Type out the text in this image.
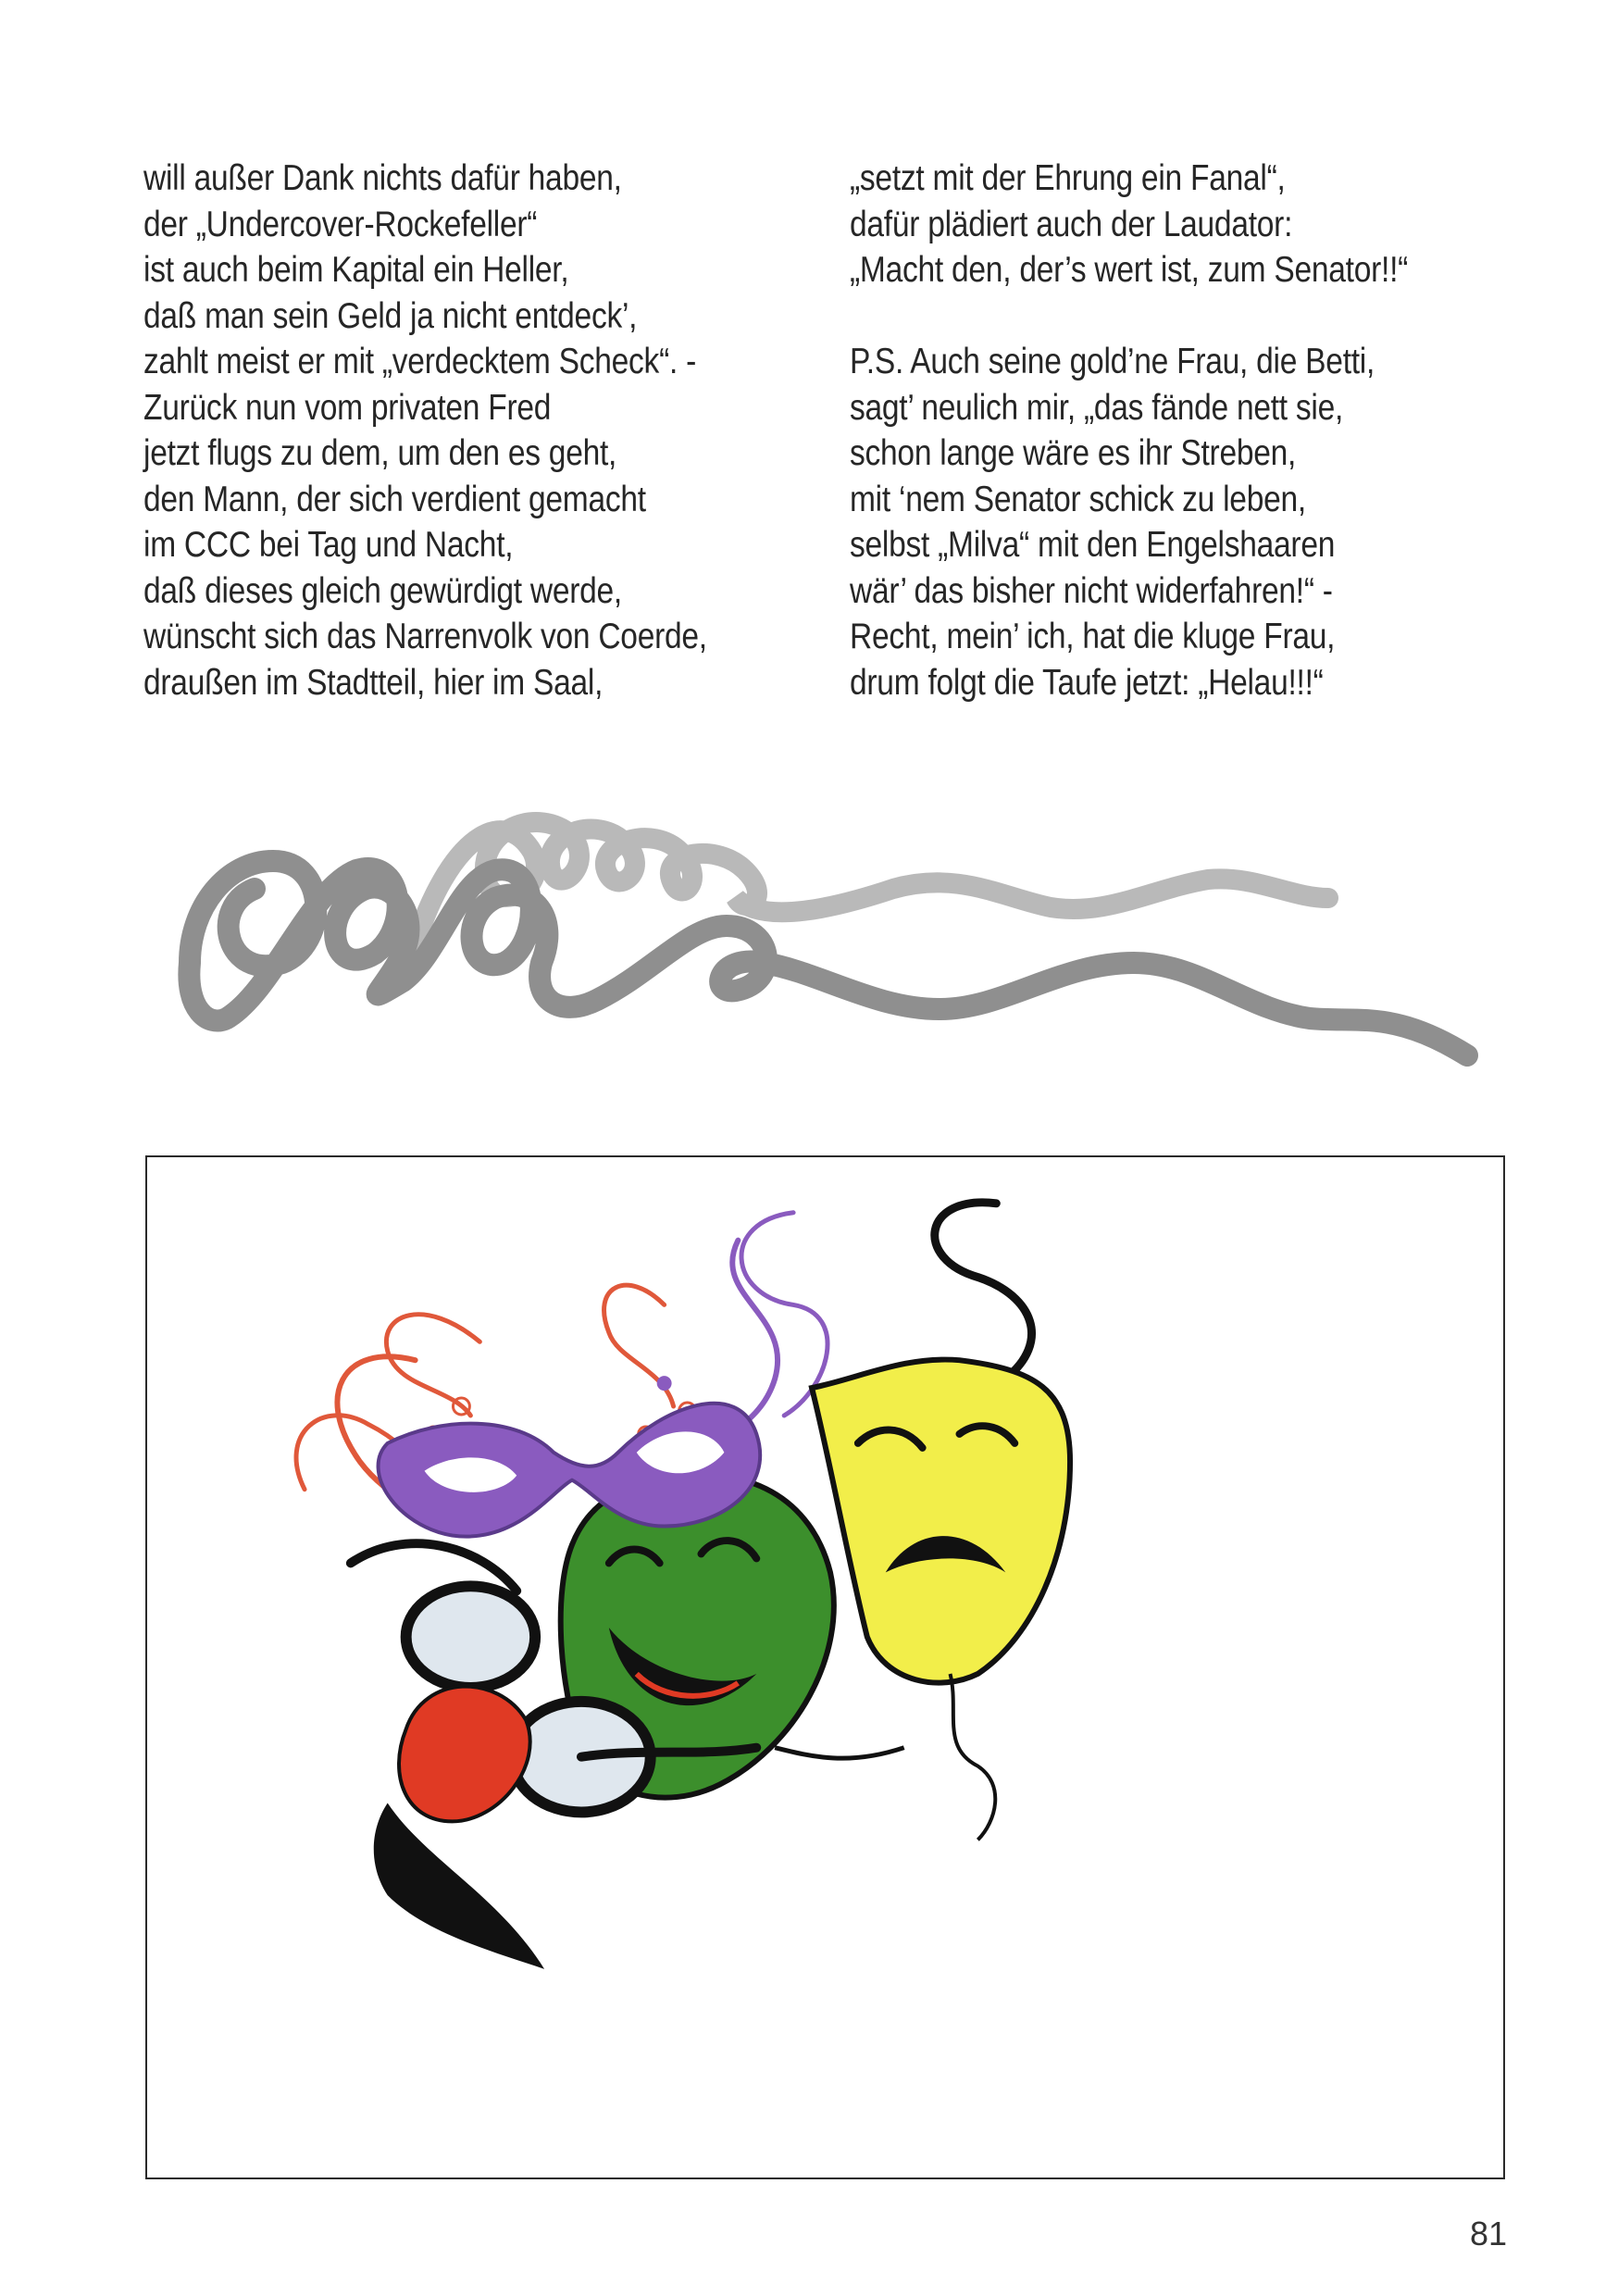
will außer Dank nichts dafür haben,
der „Undercover-Rockefeller“
ist auch beim Kapital ein Heller,
daß man sein Geld ja nicht entdeck’,
zahlt meist er mit „verdecktem Scheck“. -
Zurück nun vom privaten Fred
jetzt flugs zu dem, um den es geht,
den Mann, der sich verdient gemacht
im CCC bei Tag und Nacht,
daß dieses gleich gewürdigt werde,
wünscht sich das Narrenvolk von Coerde,
draußen im Stadtteil, hier im Saal,
„setzt mit der Ehrung ein Fanal“,
dafür plädiert auch der Laudator:
„Macht den, der’s wert ist, zum Senator!!“
P.S. Auch seine gold’ne Frau, die Betti,
sagt’ neulich mir, „das fände nett sie,
schon lange wäre es ihr Streben,
mit ‘nem Senator schick zu leben,
selbst „Milva“ mit den Engelshaaren
wär’ das bisher nicht widerfahren!“ -
Recht, mein’ ich, hat die kluge Frau,
drum folgt die Taufe jetzt: „Helau!!!“
81
